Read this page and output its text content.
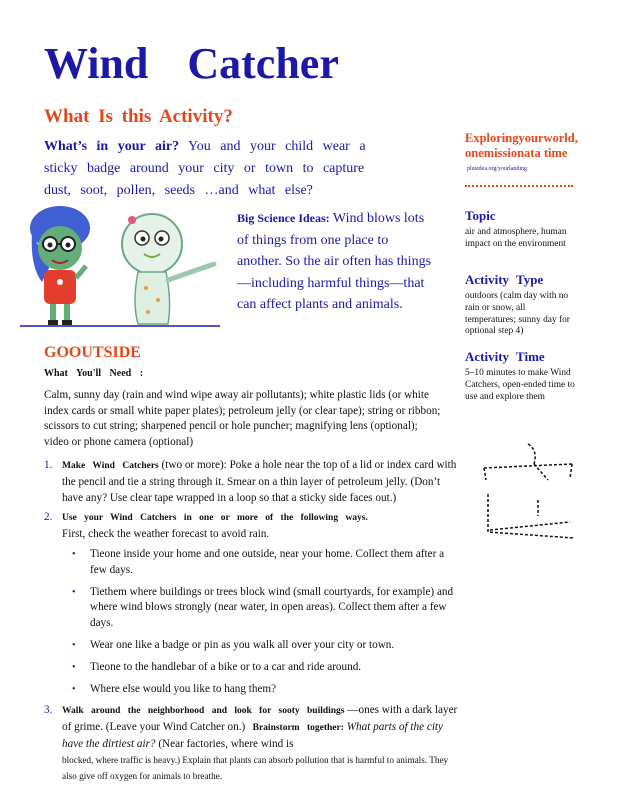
Wind Catcher
What Is this Activity?

What’s in your air? You and your child wear a sticky badge around your city or town to capture dust, soot, pollen, seeds …and what else?

Big Science Ideas: Wind blows lots of things from one place to another. So the air often has things—including harmful things—that can affect plants and animals.

GOOUTSIDE
What You'll Need :

Calm, sunny day (rain and wind wipe away air pollutants); white plastic lids (or white index cards or small white paper plates); petroleum jelly (or clear tape); string or ribbon; scissors to cut string; sharpened pencil or hole puncher; magnifying lens (optional); video or phone camera (optional)

1. Make Wind Catchers (two or more): Poke a hole near the top of a lid or index card with the pencil and tie a string through it. Smear on a thin layer of petroleum jelly. (Don’t have any? Use clear tape wrapped in a loop so that a sticky side faces out.)
2. Use your Wind Catchers in one or more of the following ways.
First, check the weather forecast to avoid rain.
• Tieone inside your home and one outside, near your home. Collect them after a few days.
• Tiethem where buildings or trees block wind (small courtyards, for example) and where wind blows strongly (near water, in open areas). Collect them after a few days.
• Wear one like a badge or pin as you walk all over your city or town.
• Tieone to the handlebar of a bike or to a car and ride around.
• Where else would you like to hang them?
3. Walk around the neighborhood and look for sooty buildings —ones with a dark layer of grime. (Leave your Wind Catcher on.) Brainstorm together: What parts of the city have the dirtiest air? (Near factories, where wind is
blocked, where traffic is heavy.) Explain that plants can absorb pollution that is harmful to animals. They also give off oxygen for animals to breathe.
Exploringyourworld, onemissionata time
plusidea.org/yourlanding
Topic
air and atmosphere, human impact on the environment
Activity Type
outdoors (calm day with no rain or snow, all temperatures; sunny day for optional step 4)
Activity Time
5–10 minutes to make Wind Catchers, open-ended time to use and explore them
